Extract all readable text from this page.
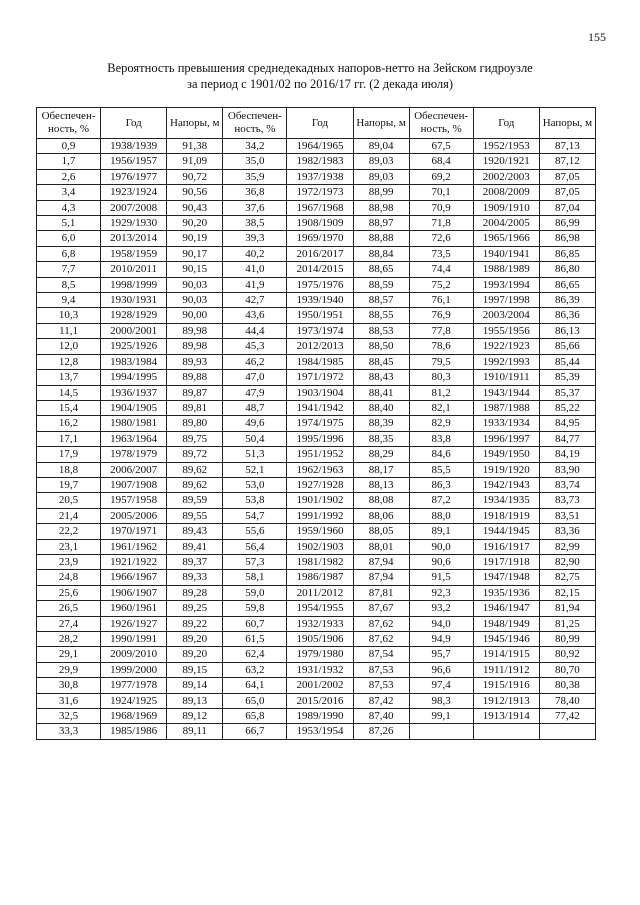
155
Вероятность превышения среднедекадных напоров-нетто на Зейском гидроузле
за период с 1901/02 по 2016/17 гг. (2 декада июля)
Обеспечен-ность, %	Год	Напоры, м	Обеспечен-ность, %	Год	Напоры, м	Обеспечен-ность, %	Год	Напоры, м
0,9	1938/1939	91,38	34,2	1964/1965	89,04	67,5	1952/1953	87,13
1,7	1956/1957	91,09	35,0	1982/1983	89,03	68,4	1920/1921	87,12
2,6	1976/1977	90,72	35,9	1937/1938	89,03	69,2	2002/2003	87,05
3,4	1923/1924	90,56	36,8	1972/1973	88,99	70,1	2008/2009	87,05
4,3	2007/2008	90,43	37,6	1967/1968	88,98	70,9	1909/1910	87,04
5,1	1929/1930	90,20	38,5	1908/1909	88,97	71,8	2004/2005	86,99
6,0	2013/2014	90,19	39,3	1969/1970	88,88	72,6	1965/1966	86,98
6,8	1958/1959	90,17	40,2	2016/2017	88,84	73,5	1940/1941	86,85
7,7	2010/2011	90,15	41,0	2014/2015	88,65	74,4	1988/1989	86,80
8,5	1998/1999	90,03	41,9	1975/1976	88,59	75,2	1993/1994	86,65
9,4	1930/1931	90,03	42,7	1939/1940	88,57	76,1	1997/1998	86,39
10,3	1928/1929	90,00	43,6	1950/1951	88,55	76,9	2003/2004	86,36
11,1	2000/2001	89,98	44,4	1973/1974	88,53	77,8	1955/1956	86,13
12,0	1925/1926	89,98	45,3	2012/2013	88,50	78,6	1922/1923	85,66
12,8	1983/1984	89,93	46,2	1984/1985	88,45	79,5	1992/1993	85,44
13,7	1994/1995	89,88	47,0	1971/1972	88,43	80,3	1910/1911	85,39
14,5	1936/1937	89,87	47,9	1903/1904	88,41	81,2	1943/1944	85,37
15,4	1904/1905	89,81	48,7	1941/1942	88,40	82,1	1987/1988	85,22
16,2	1980/1981	89,80	49,6	1974/1975	88,39	82,9	1933/1934	84,95
17,1	1963/1964	89,75	50,4	1995/1996	88,35	83,8	1996/1997	84,77
17,9	1978/1979	89,72	51,3	1951/1952	88,29	84,6	1949/1950	84,19
18,8	2006/2007	89,62	52,1	1962/1963	88,17	85,5	1919/1920	83,90
19,7	1907/1908	89,62	53,0	1927/1928	88,13	86,3	1942/1943	83,74
20,5	1957/1958	89,59	53,8	1901/1902	88,08	87,2	1934/1935	83,73
21,4	2005/2006	89,55	54,7	1991/1992	88,06	88,0	1918/1919	83,51
22,2	1970/1971	89,43	55,6	1959/1960	88,05	89,1	1944/1945	83,36
23,1	1961/1962	89,41	56,4	1902/1903	88,01	90,0	1916/1917	82,99
23,9	1921/1922	89,37	57,3	1981/1982	87,94	90,6	1917/1918	82,90
24,8	1966/1967	89,33	58,1	1986/1987	87,94	91,5	1947/1948	82,75
25,6	1906/1907	89,28	59,0	2011/2012	87,81	92,3	1935/1936	82,15
26,5	1960/1961	89,25	59,8	1954/1955	87,67	93,2	1946/1947	81,94
27,4	1926/1927	89,22	60,7	1932/1933	87,62	94,0	1948/1949	81,25
28,2	1990/1991	89,20	61,5	1905/1906	87,62	94,9	1945/1946	80,99
29,1	2009/2010	89,20	62,4	1979/1980	87,54	95,7	1914/1915	80,92
29,9	1999/2000	89,15	63,2	1931/1932	87,53	96,6	1911/1912	80,70
30,8	1977/1978	89,14	64,1	2001/2002	87,53	97,4	1915/1916	80,38
31,6	1924/1925	89,13	65,0	2015/2016	87,42	98,3	1912/1913	78,40
32,5	1968/1969	89,12	65,8	1989/1990	87,40	99,1	1913/1914	77,42
33,3	1985/1986	89,11	66,7	1953/1954	87,26			
